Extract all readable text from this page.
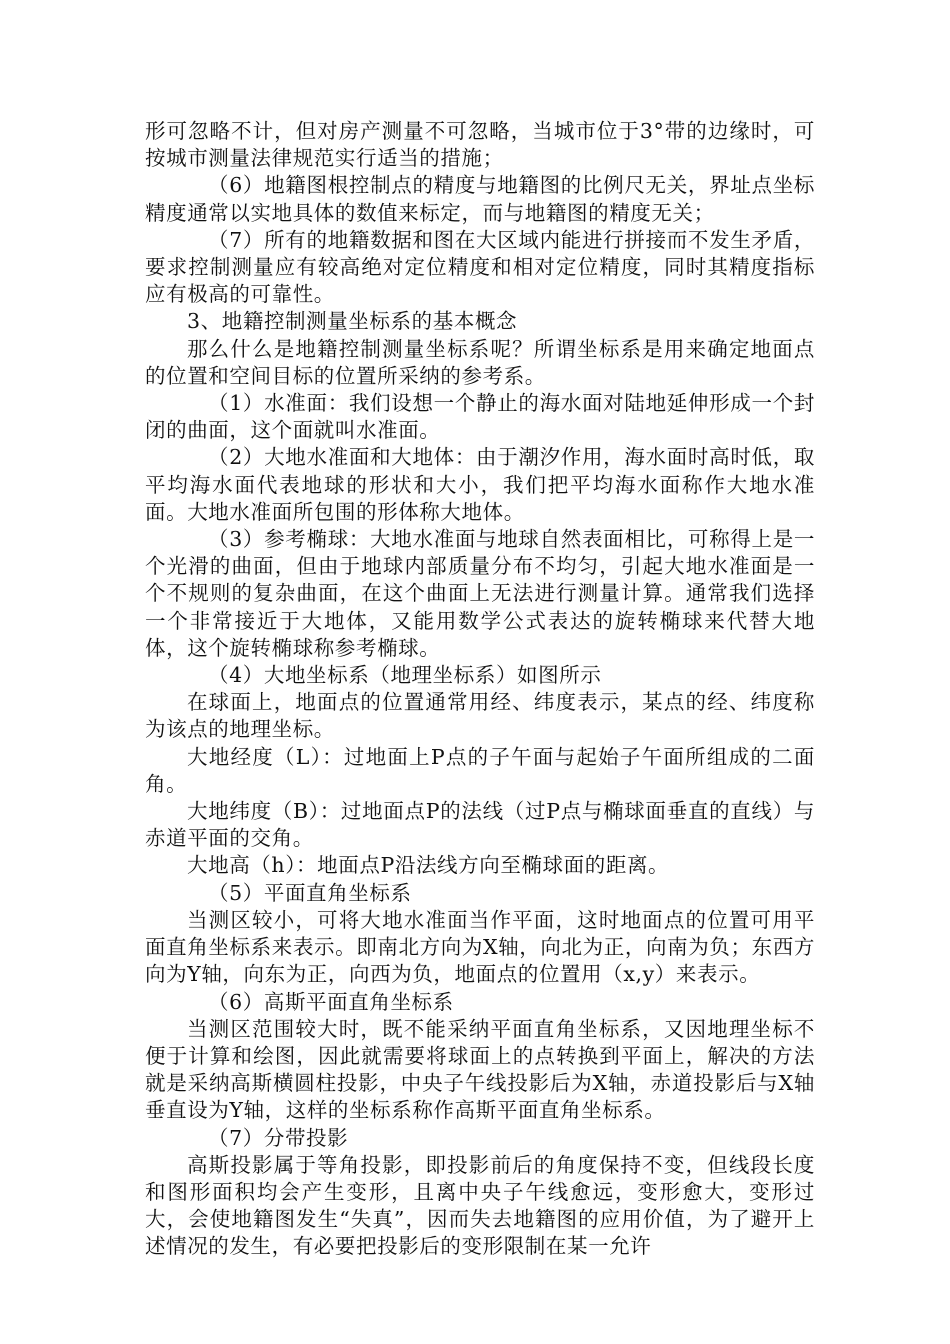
形可忽略不计，但对房产测量不可忽略，当城市位于3°带的边缘时，可按城市测量法律规范实行适当的措施；

（6）地籍图根控制点的精度与地籍图的比例尺无关，界址点坐标精度通常以实地具体的数值来标定，而与地籍图的精度无关；

（7）所有的地籍数据和图在大区域内能进行拼接而不发生矛盾，要求控制测量应有较高绝对定位精度和相对定位精度，同时其精度指标应有极高的可靠性。

3、地籍控制测量坐标系的基本概念

那么什么是地籍控制测量坐标系呢？所谓坐标系是用来确定地面点的位置和空间目标的位置所采纳的参考系。

（1）水准面：我们设想一个静止的海水面对陆地延伸形成一个封闭的曲面，这个面就叫水准面。

（2）大地水准面和大地体：由于潮汐作用，海水面时高时低，取平均海水面代表地球的形状和大小，我们把平均海水面称作大地水准面。大地水准面所包围的形体称大地体。

（3）参考椭球：大地水准面与地球自然表面相比，可称得上是一个光滑的曲面，但由于地球内部质量分布不均匀，引起大地水准面是一个不规则的复杂曲面，在这个曲面上无法进行测量计算。通常我们选择一个非常接近于大地体，又能用数学公式表达的旋转椭球来代替大地体，这个旋转椭球称参考椭球。

（4）大地坐标系（地理坐标系）如图所示

在球面上，地面点的位置通常用经、纬度表示，某点的经、纬度称为该点的地理坐标。

大地经度（L）：过地面上P点的子午面与起始子午面所组成的二面角。

大地纬度（B）：过地面点P的法线（过P点与椭球面垂直的直线）与赤道平面的交角。

大地高（h）：地面点P沿法线方向至椭球面的距离。

（5）平面直角坐标系

当测区较小，可将大地水准面当作平面，这时地面点的位置可用平面直角坐标系来表示。即南北方向为X轴，向北为正，向南为负；东西方向为Y轴，向东为正，向西为负，地面点的位置用（x,y）来表示。

（6）高斯平面直角坐标系

当测区范围较大时，既不能采纳平面直角坐标系，又因地理坐标不便于计算和绘图，因此就需要将球面上的点转换到平面上，解决的方法就是采纳高斯横圆柱投影，中央子午线投影后为X轴，赤道投影后与X轴垂直设为Y轴，这样的坐标系称作高斯平面直角坐标系。

（7）分带投影

高斯投影属于等角投影，即投影前后的角度保持不变，但线段长度和图形面积均会产生变形，且离中央子午线愈远，变形愈大，变形过大，会使地籍图发生“失真”，因而失去地籍图的应用价值，为了避开上述情况的发生，有必要把投影后的变形限制在某一允许
